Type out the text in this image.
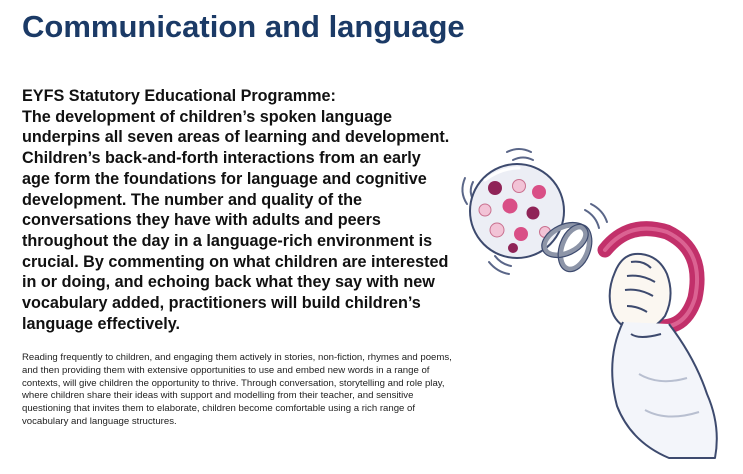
Communication and language
EYFS Statutory Educational Programme:
The development of children’s spoken language underpins all seven areas of learning and development. Children’s back-and-forth interactions from an early age form the foundations for language and cognitive development. The number and quality of the conversations they have with adults and peers throughout the day in a language-rich environment is crucial. By commenting on what children are interested in or doing, and echoing back what they say with new vocabulary added, practitioners will build children’s language effectively.

Reading frequently to children, and engaging them actively in stories, non-fiction, rhymes and poems, and then providing them with extensive opportunities to use and embed new words in a range of contexts, will give children the opportunity to thrive. Through conversation, storytelling and role play, where children share their ideas with support and modelling from their teacher, and sensitive questioning that invites them to elaborate, children become comfortable using a rich range of vocabulary and language structures.
